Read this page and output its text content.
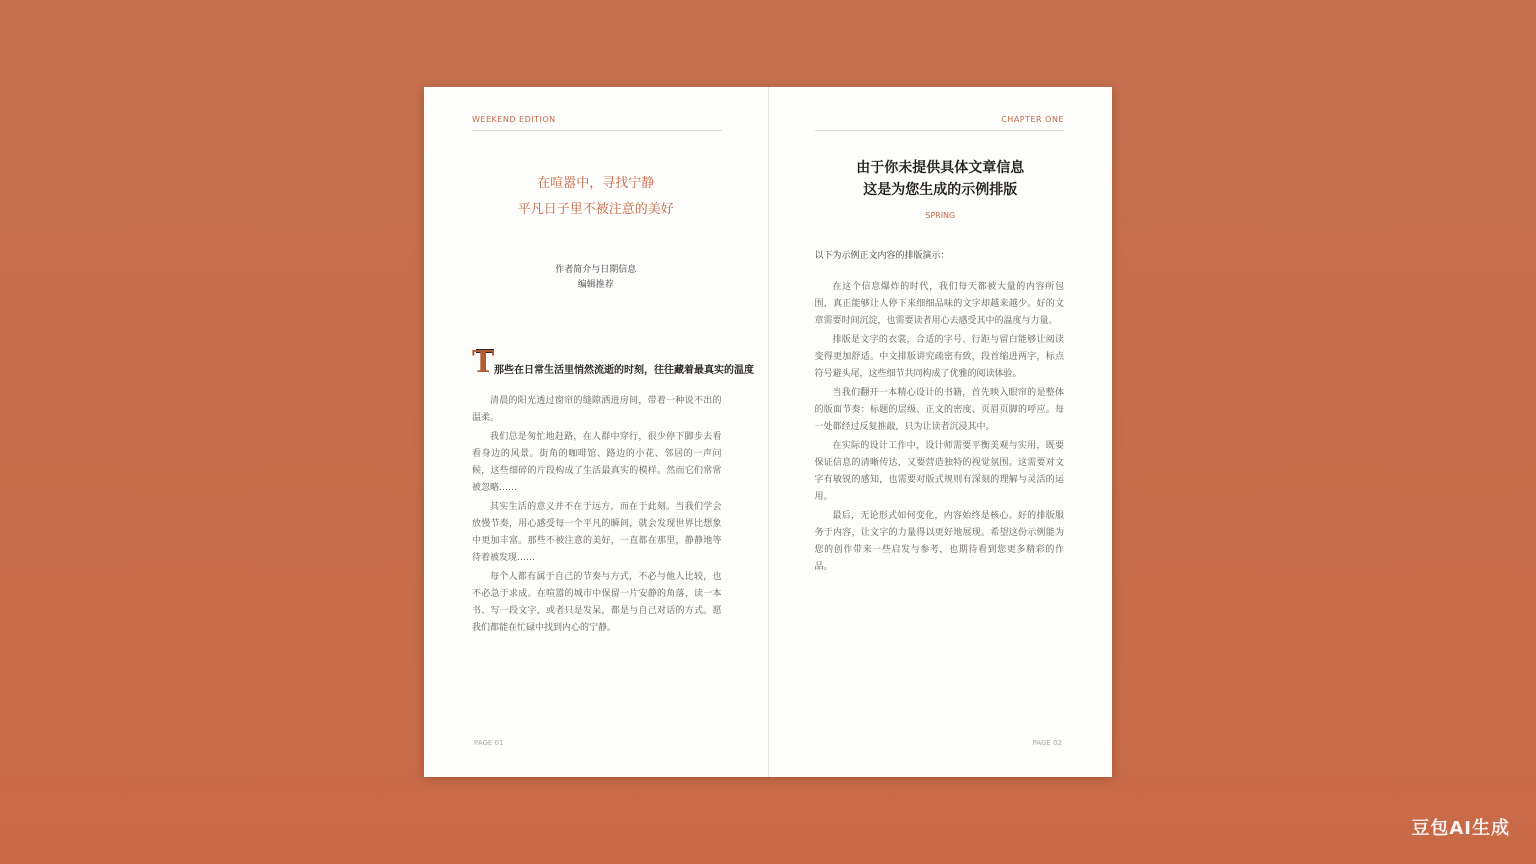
WEEKEND EDITION
在喧嚣中，寻找宁静
平凡日子里不被注意的美好
作者简介与日期信息
编辑推荐
T 那些在日常生活里悄然流逝的时刻，往往藏着最真实的温度

清晨的阳光透过窗帘的缝隙洒进房间，带着一种说不出的温柔。

我们总是匆忙地赶路，在人群中穿行，很少停下脚步去看看身边的风景。街角的咖啡馆、路边的小花、邻居的一声问候，这些细碎的片段构成了生活最真实的模样。然而它们常常被忽略……

其实生活的意义并不在于远方，而在于此刻。当我们学会放慢节奏，用心感受每一个平凡的瞬间，就会发现世界比想象中更加丰富。那些不被注意的美好，一直都在那里，静静地等待着被发现……

每个人都有属于自己的节奏与方式，不必与他人比较，也不必急于求成。在喧嚣的城市中保留一片安静的角落，读一本书、写一段文字，或者只是发呆，都是与自己对话的方式。愿我们都能在忙碌中找到内心的宁静。

PAGE 01
CHAPTER ONE
由于你未提供具体文章信息
这是为您生成的示例排版
SPRING
以下为示例正文内容的排版演示：

在这个信息爆炸的时代，我们每天都被大量的内容所包围，真正能够让人停下来细细品味的文字却越来越少。好的文章需要时间沉淀，也需要读者用心去感受其中的温度与力量。

排版是文字的衣裳，合适的字号、行距与留白能够让阅读变得更加舒适。中文排版讲究疏密有致，段首缩进两字，标点符号避头尾，这些细节共同构成了优雅的阅读体验。

当我们翻开一本精心设计的书籍，首先映入眼帘的是整体的版面节奏：标题的层级、正文的密度、页眉页脚的呼应。每一处都经过反复推敲，只为让读者沉浸其中。

在实际的设计工作中，设计师需要平衡美观与实用，既要保证信息的清晰传达，又要营造独特的视觉氛围。这需要对文字有敏锐的感知，也需要对版式规则有深刻的理解与灵活的运用。

最后，无论形式如何变化，内容始终是核心。好的排版服务于内容，让文字的力量得以更好地展现。希望这份示例能为您的创作带来一些启发与参考，也期待看到您更多精彩的作品。

PAGE 02
豆包AI生成
